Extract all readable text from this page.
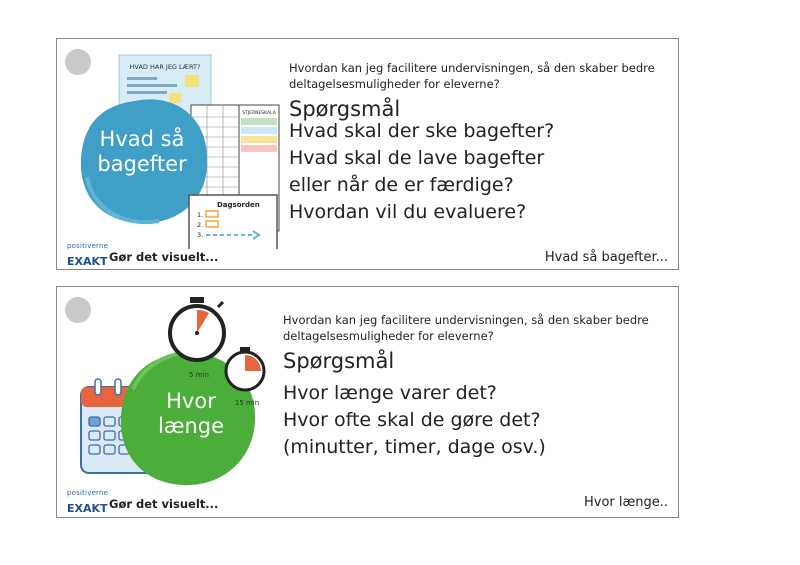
HVAD HAR JEG LÆRT?
STJERNESKALA
Dagsorden
1.
2.
3.
Hvad så
bagefter
Hvordan kan jeg facilitere undervisningen, så den skaber bedre
deltagelsesmuligheder for eleverne?
Spørgsmål
Hvad skal der ske bagefter?
Hvad skal de lave bagefter
eller når de er færdige?
Hvordan vil du evaluere?
positiverne
EXAKT Gør det visuelt...	Hvad så bagefter...
5 min
15 min
Hvor
længe
Hvordan kan jeg facilitere undervisningen, så den skaber bedre
deltagelsesmuligheder for eleverne?
Spørgsmål
Hvor længe varer det?
Hvor ofte skal de gøre det?
(minutter, timer, dage osv.)
positiverne
EXAKT Gør det visuelt...	Hvor længe..
